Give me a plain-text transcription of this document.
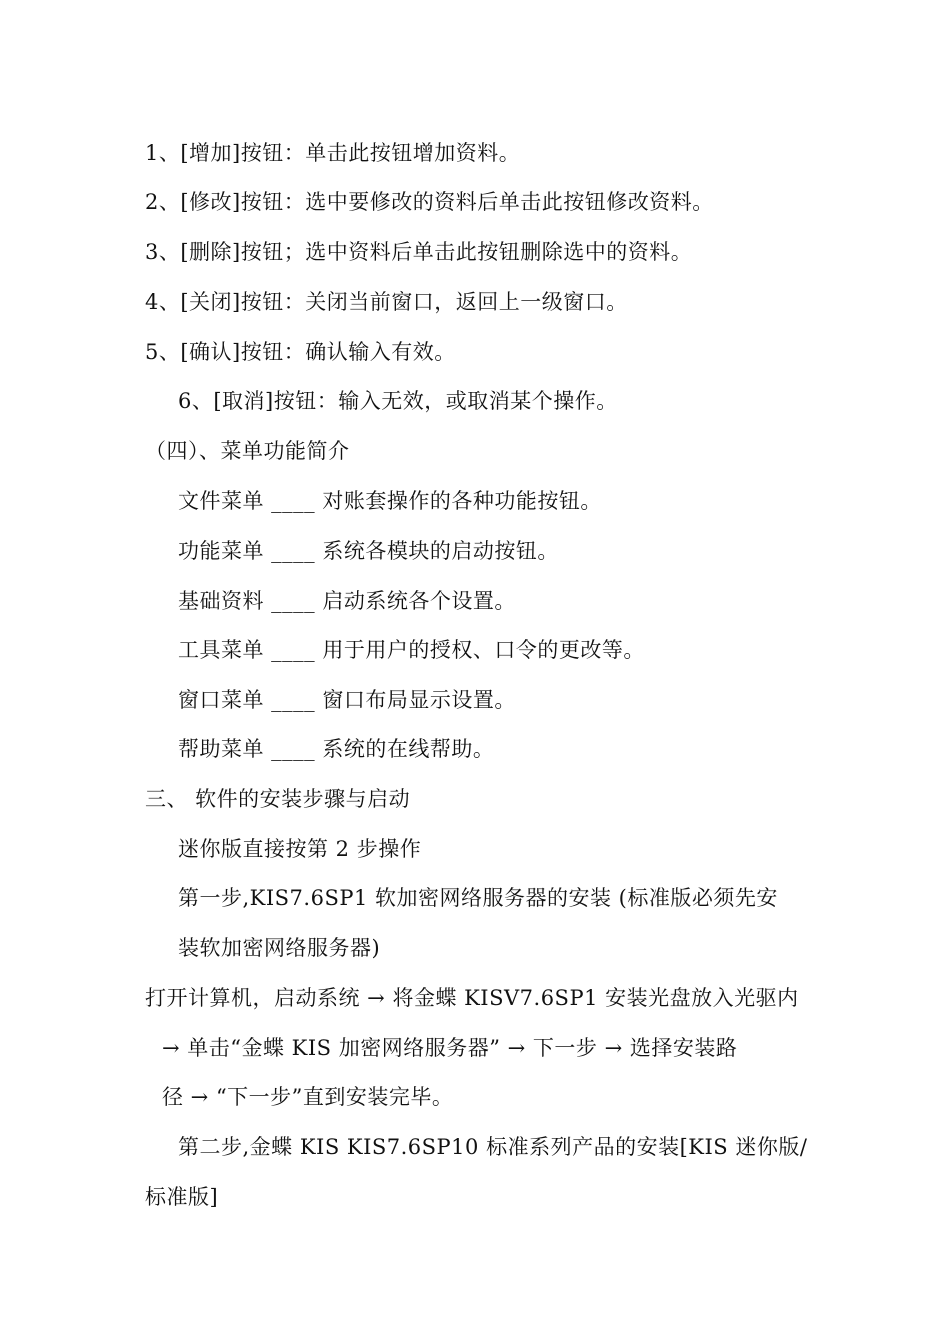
1、[增加]按钮：单击此按钮增加资料。
2、[修改]按钮：选中要修改的资料后单击此按钮修改资料。
3、[删除]按钮；选中资料后单击此按钮删除选中的资料。
4、[关闭]按钮：关闭当前窗口，返回上一级窗口。
5、[确认]按钮：确认输入有效。
6、[取消]按钮：输入无效，或取消某个操作。
（四）、菜单功能简介
文件菜单 ____ 对账套操作的各种功能按钮。
功能菜单 ____ 系统各模块的启动按钮。
基础资料 ____ 启动系统各个设置。
工具菜单 ____ 用于用户的授权、口令的更改等。
窗口菜单 ____ 窗口布局显示设置。
帮助菜单 ____ 系统的在线帮助。
三、 软件的安装步骤与启动
迷你版直接按第 2 步操作
第一步,KIS7.6SP1 软加密网络服务器的安装 (标准版必须先安
装软加密网络服务器)
打开计算机，启动系统 → 将金蝶 KISV7.6SP1 安装光盘放入光驱内
→ 单击“金蝶 KIS 加密网络服务器” → 下一步 → 选择安装路
径 → “下一步”直到安装完毕。
第二步,金蝶 KIS KIS7.6SP10 标准系列产品的安装[KIS 迷你版/
标准版]
